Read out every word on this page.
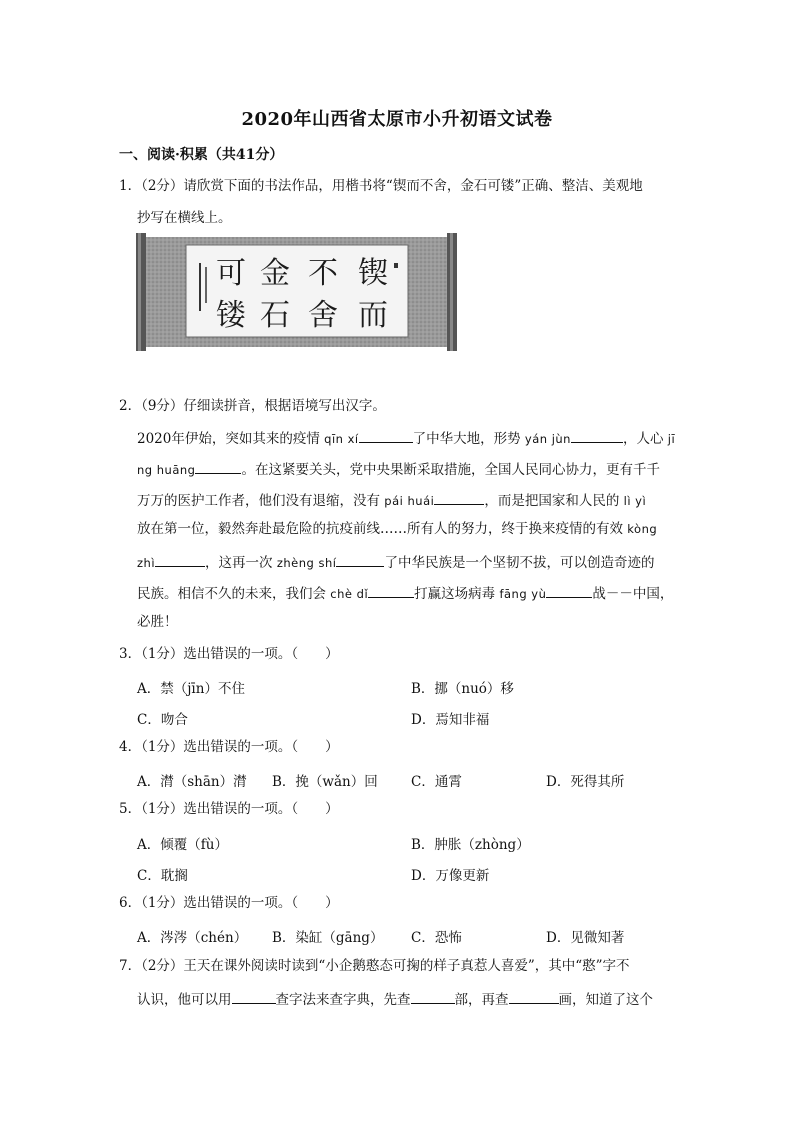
2020年山西省太原市小升初语文试卷
一、阅读·积累（共41分）
1．（2分）请欣赏下面的书法作品，用楷书将“锲而不舍，金石可镂”正确、整洁、美观地
抄写在横线上。
锲
而
不
舍
金
石
可
镂
2．（9分）仔细读拼音，根据语境写出汉字。
2020年伊始，突如其来的疫情 qīn xí	了中华大地，形势 yán jùn	，人心 jī
ng huāng	。在这紧要关头，党中央果断采取措施，全国人民同心协力，更有千千
万万的医护工作者，他们没有退缩，没有 pái huái	，而是把国家和人民的 lì yì
放在第一位，毅然奔赴最危险的抗疫前线……所有人的努力，终于换来疫情的有效 kòng
zhì	，这再一次 zhèng shí	了中华民族是一个坚韧不拔，可以创造奇迹的
民族。相信不久的未来，我们会 chè dǐ	打赢这场病毒 fāng yù	战－－中国，
必胜！
3．（1分）选出错误的一项。（　　）
A．禁（jīn）不住	B．挪（nuó）移
C．吻合	D．焉知非福
4．（1分）选出错误的一项。（　　）
A．潸（shān）潸 B．挽（wǎn）回 C．通霄	D．死得其所
5．（1分）选出错误的一项。（　　）
A．倾覆（fù）	B．肿胀（zhòng）
C．耽搁	D．万像更新
6．（1分）选出错误的一项。（　　）
A．涔涔（chén） B．染缸（gāng） C．恐怖	D．见微知著
7．（2分）王天在课外阅读时读到“小企鹅憨态可掬的样子真惹人喜爱”，其中“憨”字不
认识，他可以用	查字法来查字典，先查	部，再查	画，知道了这个
